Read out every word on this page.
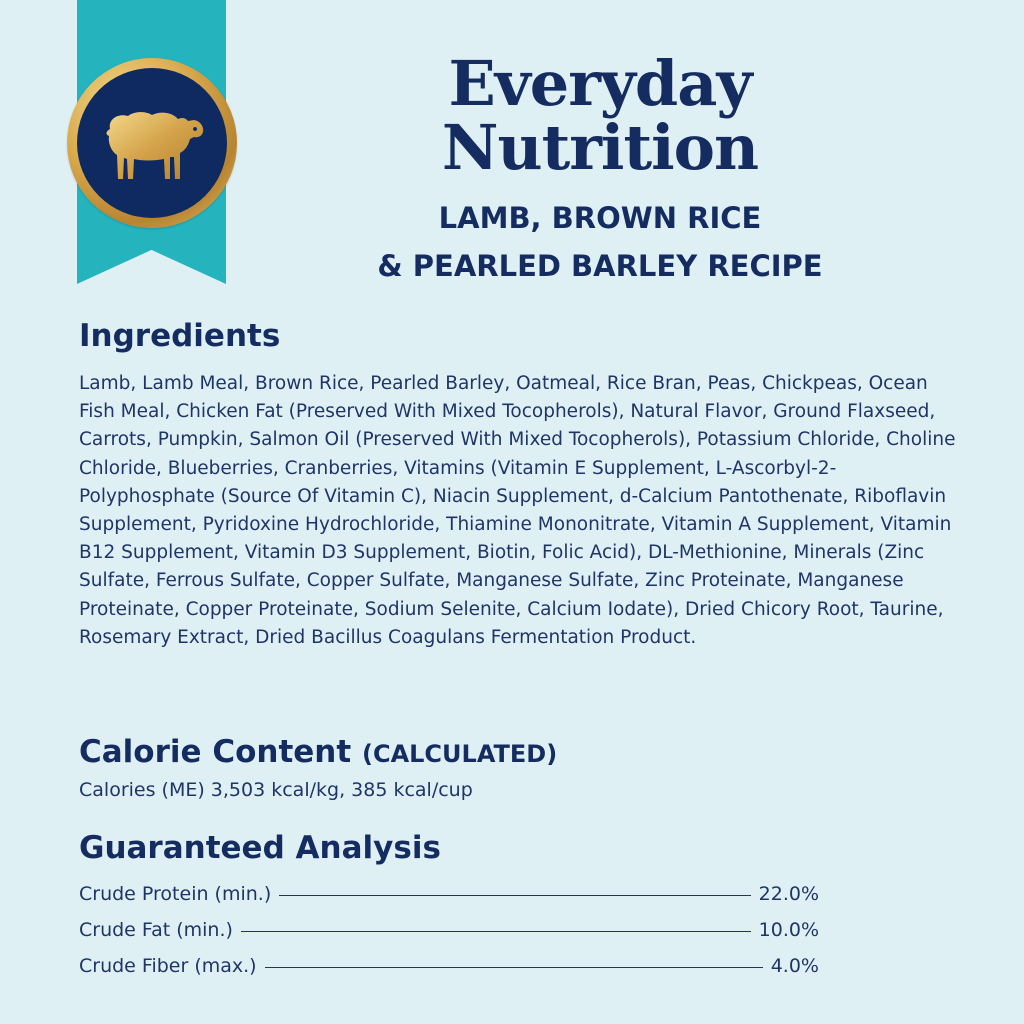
Everyday
Nutrition
LAMB, BROWN RICE
& PEARLED BARLEY RECIPE
Ingredients
Lamb, Lamb Meal, Brown Rice, Pearled Barley, Oatmeal, Rice Bran, Peas, Chickpeas, Ocean Fish Meal, Chicken Fat (Preserved With Mixed Tocopherols), Natural Flavor, Ground Flaxseed, Carrots, Pumpkin, Salmon Oil (Preserved With Mixed Tocopherols), Potassium Chloride, Choline Chloride, Blueberries, Cranberries, Vitamins (Vitamin E Supplement, L-Ascorbyl-2-Polyphosphate (Source Of Vitamin C), Niacin Supplement, d-Calcium Pantothenate, Riboflavin Supplement, Pyridoxine Hydrochloride, Thiamine Mononitrate, Vitamin A Supplement, Vitamin B12 Supplement, Vitamin D3 Supplement, Biotin, Folic Acid), DL-Methionine, Minerals (Zinc Sulfate, Ferrous Sulfate, Copper Sulfate, Manganese Sulfate, Zinc Proteinate, Manganese Proteinate, Copper Proteinate, Sodium Selenite, Calcium Iodate), Dried Chicory Root, Taurine, Rosemary Extract, Dried Bacillus Coagulans Fermentation Product.
Calorie Content (CALCULATED)
Calories (ME) 3,503 kcal/kg, 385 kcal/cup
Guaranteed Analysis
Crude Protein (min.)	22.0%
Crude Fat (min.)	10.0%
Crude Fiber (max.)	4.0%
